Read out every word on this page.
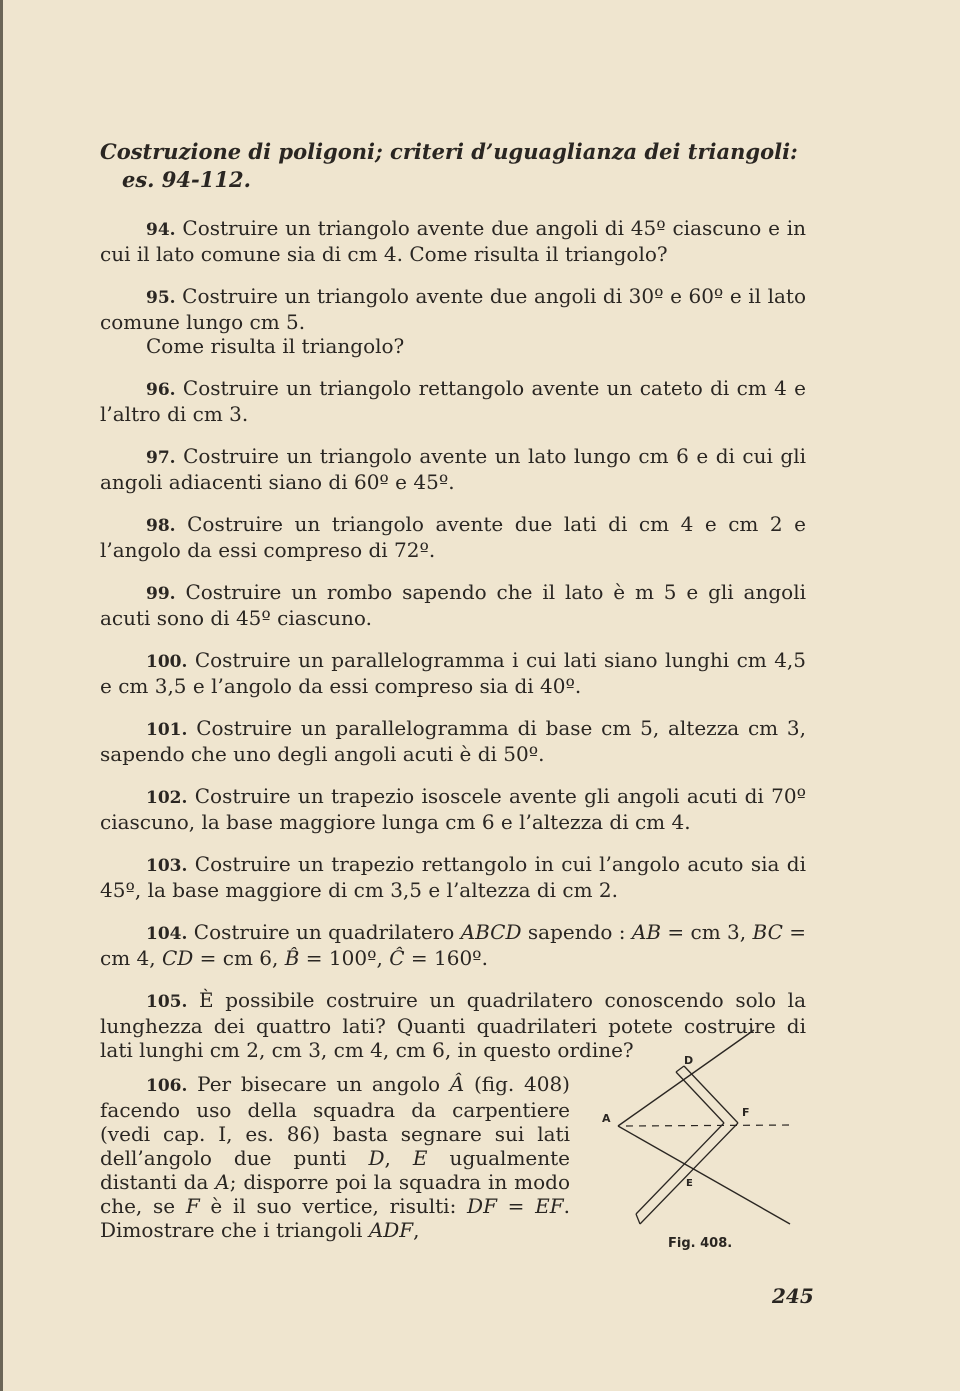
Costruzione di poligoni; criteri d’uguaglianza dei triangoli:
es. 94-112.

94. Costruire un triangolo avente due angoli di 45º ciascuno e in cui il lato comune sia di cm 4. Come risulta il triangolo?

95. Costruire un triangolo avente due angoli di 30º e 60º e il lato comune lungo cm 5.
Come risulta il triangolo?

96. Costruire un triangolo rettangolo avente un cateto di cm 4 e l’altro di cm 3.

97. Costruire un triangolo avente un lato lungo cm 6 e di cui gli angoli adiacenti siano di 60º e 45º.

98. Costruire un triangolo avente due lati di cm 4 e cm 2 e l’angolo da essi compreso di 72º.

99. Costruire un rombo sapendo che il lato è m 5 e gli angoli acuti sono di 45º ciascuno.

100. Costruire un parallelogramma i cui lati siano lunghi cm 4,5 e cm 3,5 e l’angolo da essi compreso sia di 40º.

101. Costruire un parallelogramma di base cm 5, altezza cm 3, sapendo che uno degli angoli acuti è di 50º.

102. Costruire un trapezio isoscele avente gli angoli acuti di 70º ciascuno, la base maggiore lunga cm 6 e l’altezza di cm 4.

103. Costruire un trapezio rettangolo in cui l’angolo acuto sia di 45º, la base maggiore di cm 3,5 e l’altezza di cm 2.

104. Costruire un quadrilatero ABCD sapendo : AB = cm 3, BC = cm 4, CD = cm 6, B̂ = 100º, Ĉ = 160º.

105. È possibile costruire un quadrilatero conoscendo solo la lunghezza dei quattro lati? Quanti quadrilateri potete costruire di lati lunghi cm 2, cm 3, cm 4, cm 6, in questo ordine?

106. Per bisecare un angolo Â (fig. 408) facendo uso della squadra da carpentiere (vedi cap. I, es. 86) basta segnare sui lati dell’angolo due punti D, E ugualmente distanti da A; disporre poi la squadra in modo che, se F è il suo vertice, risulti: DF = EF. Dimostrare che i triangoli ADF,

A
D
E
F
Fig. 408.
245
